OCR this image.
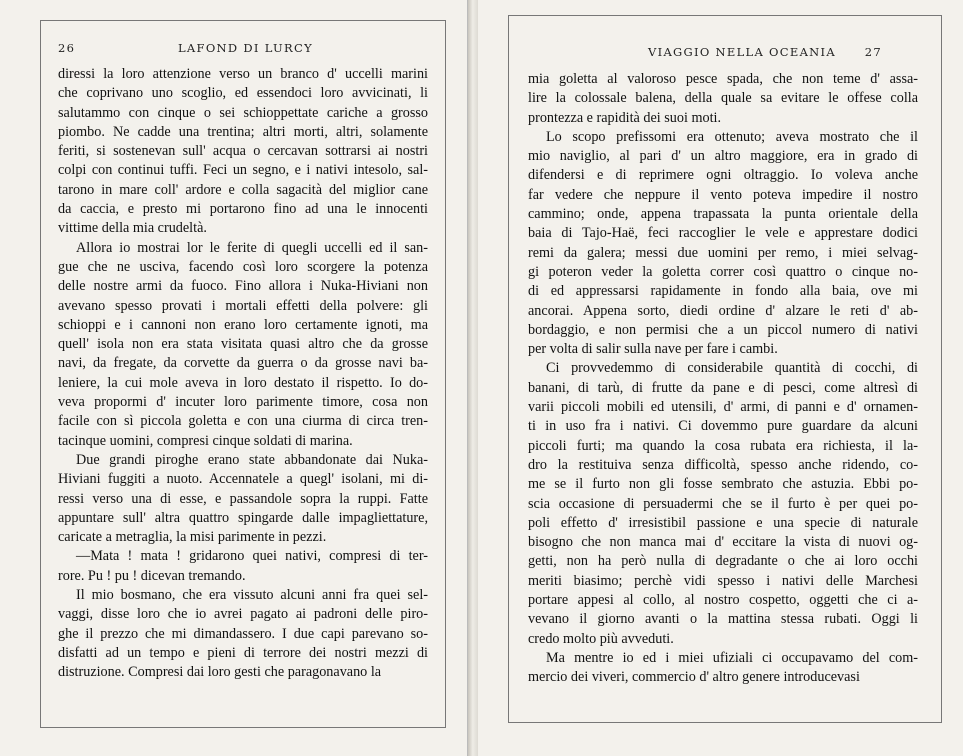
26	LAFOND DI LURCY

diressi la loro attenzione verso un branco d' uccelli marini
che coprivano uno scoglio, ed essendoci loro avvicinati, li
salutammo con cinque o sei schioppettate cariche a grosso
piombo. Ne cadde una trentina; altri morti, altri, solamente
feriti, si sostenevan sull' acqua o cercavan sottrarsi ai nostri
colpi con continui tuffi. Feci un segno, e i nativi intesolo, sal-
tarono in mare coll' ardore e colla sagacità del miglior cane
da caccia, e presto mi portarono fino ad una le innocenti
vittime della mia crudeltà.

Allora io mostrai lor le ferite di quegli uccelli ed il san-
gue che ne usciva, facendo così loro scorgere la potenza
delle nostre armi da fuoco. Fino allora i Nuka-Hiviani non
avevano spesso provati i mortali effetti della polvere: gli
schioppi e i cannoni non erano loro certamente ignoti, ma
quell' isola non era stata visitata quasi altro che da grosse
navi, da fregate, da corvette da guerra o da grosse navi ba-
leniere, la cui mole aveva in loro destato il rispetto. Io do-
veva propormi d' incuter loro parimente timore, cosa non
facile con sì piccola goletta e con una ciurma di circa tren-
tacinque uomini, compresi cinque soldati di marina.

Due grandi piroghe erano state abbandonate dai Nuka-
Hiviani fuggiti a nuoto. Accennatele a quegl' isolani, mi di-
ressi verso una di esse, e passandole sopra la ruppi. Fatte
appuntare sull' altra quattro spingarde dalle impagliettature,
caricate a metraglia, la misi parimente in pezzi.

—Mata ! mata ! gridarono quei nativi, compresi di ter-
rore. Pu ! pu ! dicevan tremando.

Il mio bosmano, che era vissuto alcuni anni fra quei sel-
vaggi, disse loro che io avrei pagato ai padroni delle piro-
ghe il prezzo che mi dimandassero. I due capi parevano so-
disfatti ad un tempo e pieni di terrore dei nostri mezzi di
distruzione. Compresi dai loro gesti che paragonavano la

VIAGGIO NELLA OCEANIA	27

mia goletta al valoroso pesce spada, che non teme d' assa-
lire la colossale balena, della quale sa evitare le offese colla
prontezza e rapidità dei suoi moti.

Lo scopo prefissomi era ottenuto; aveva mostrato che il
mio naviglio, al pari d' un altro maggiore, era in grado di
difendersi e di reprimere ogni oltraggio. Io voleva anche
far vedere che neppure il vento poteva impedire il nostro
cammino; onde, appena trapassata la punta orientale della
baia di Tajo-Haë, feci raccoglier le vele e apprestare dodici
remi da galera; messi due uomini per remo, i miei selvag-
gi poteron veder la goletta correr così quattro o cinque no-
di ed appressarsi rapidamente in fondo alla baia, ove mi
ancorai. Appena sorto, diedi ordine d' alzare le reti d' ab-
bordaggio, e non permisi che a un piccol numero di nativi
per volta di salir sulla nave per fare i cambi.

Ci provvedemmo di considerabile quantità di cocchi, di
banani, di tarù, di frutte da pane e di pesci, come altresì di
varii piccoli mobili ed utensili, d' armi, di panni e d' ornamen-
ti in uso fra i nativi. Ci dovemmo pure guardare da alcuni
piccoli furti; ma quando la cosa rubata era richiesta, il la-
dro la restituiva senza difficoltà, spesso anche ridendo, co-
me se il furto non gli fosse sembrato che astuzia. Ebbi po-
scia occasione di persuadermi che se il furto è per quei po-
poli effetto d' irresistibil passione e una specie di naturale
bisogno che non manca mai d' eccitare la vista di nuovi og-
getti, non ha però nulla di degradante o che ai loro occhi
meriti biasimo; perchè vidi spesso i nativi delle Marchesi
portare appesi al collo, al nostro cospetto, oggetti che ci a-
vevano il giorno avanti o la mattina stessa rubati. Oggi li
credo molto più avveduti.

Ma mentre io ed i miei ufiziali ci occupavamo del com-
mercio dei viveri, commercio d' altro genere introducevasi
